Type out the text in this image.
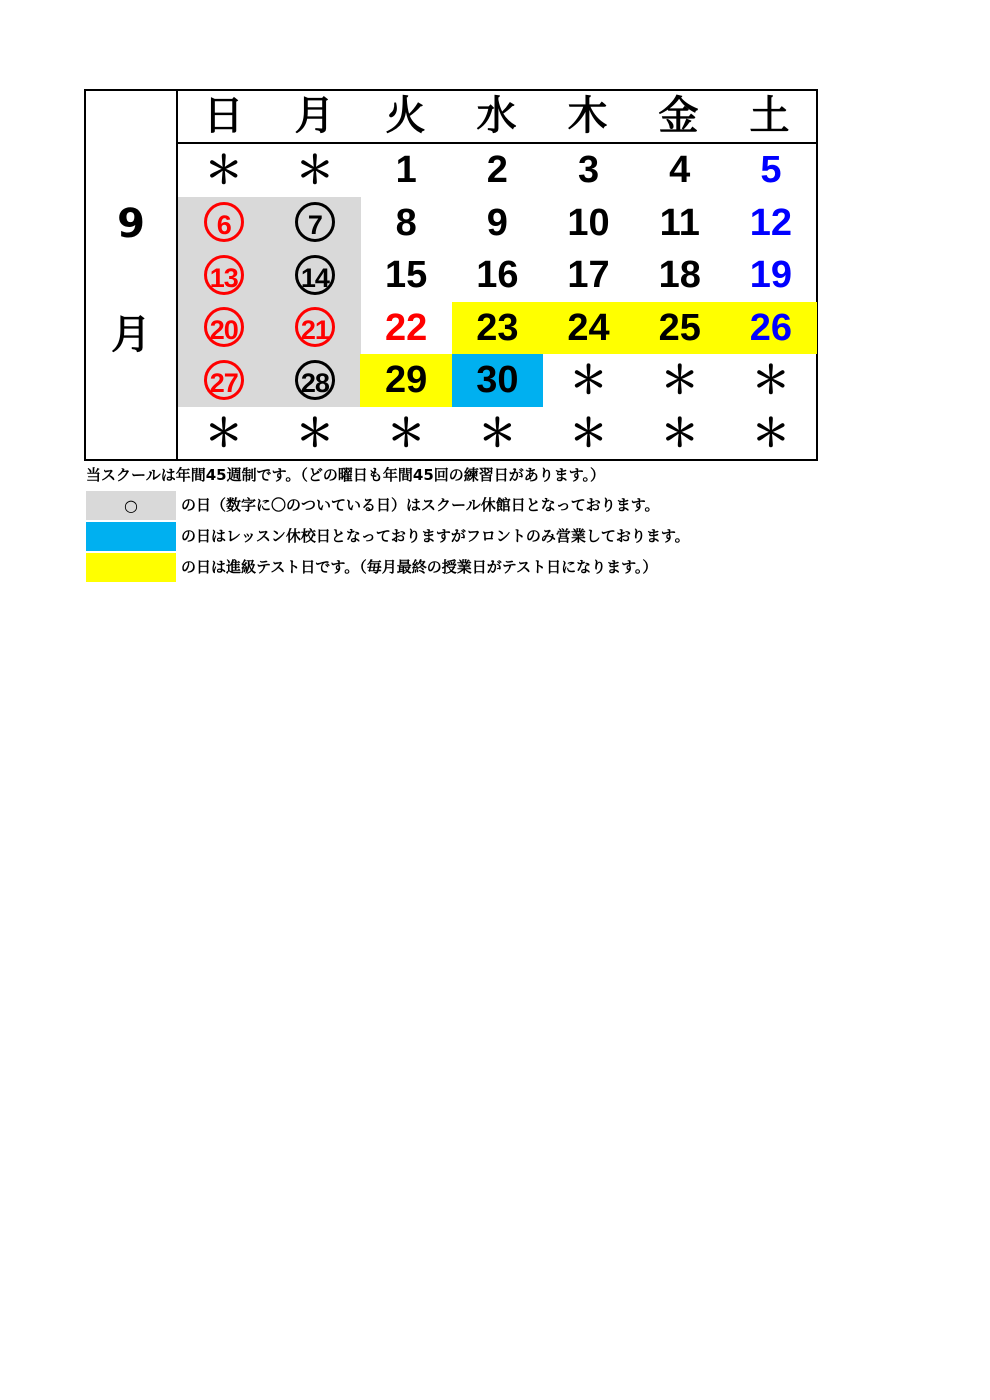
9
月
日	月	火	水	木	金	土
＊	＊	1	2	3	4	5
6	7	8	9	10	11	12
13	14	15	16	17	18	19
20	21	22	23	24	25	26
27	28	29	30	＊	＊	＊
＊	＊	＊	＊	＊	＊	＊
当スクールは年間45週制です。（どの曜日も年間45回の練習日があります。）
○	の日（数字に〇のついている日）はスクール休館日となっております。
の日はレッスン休校日となっておりますがフロントのみ営業しております。
の日は進級テスト日です。（毎月最終の授業日がテスト日になります。）
